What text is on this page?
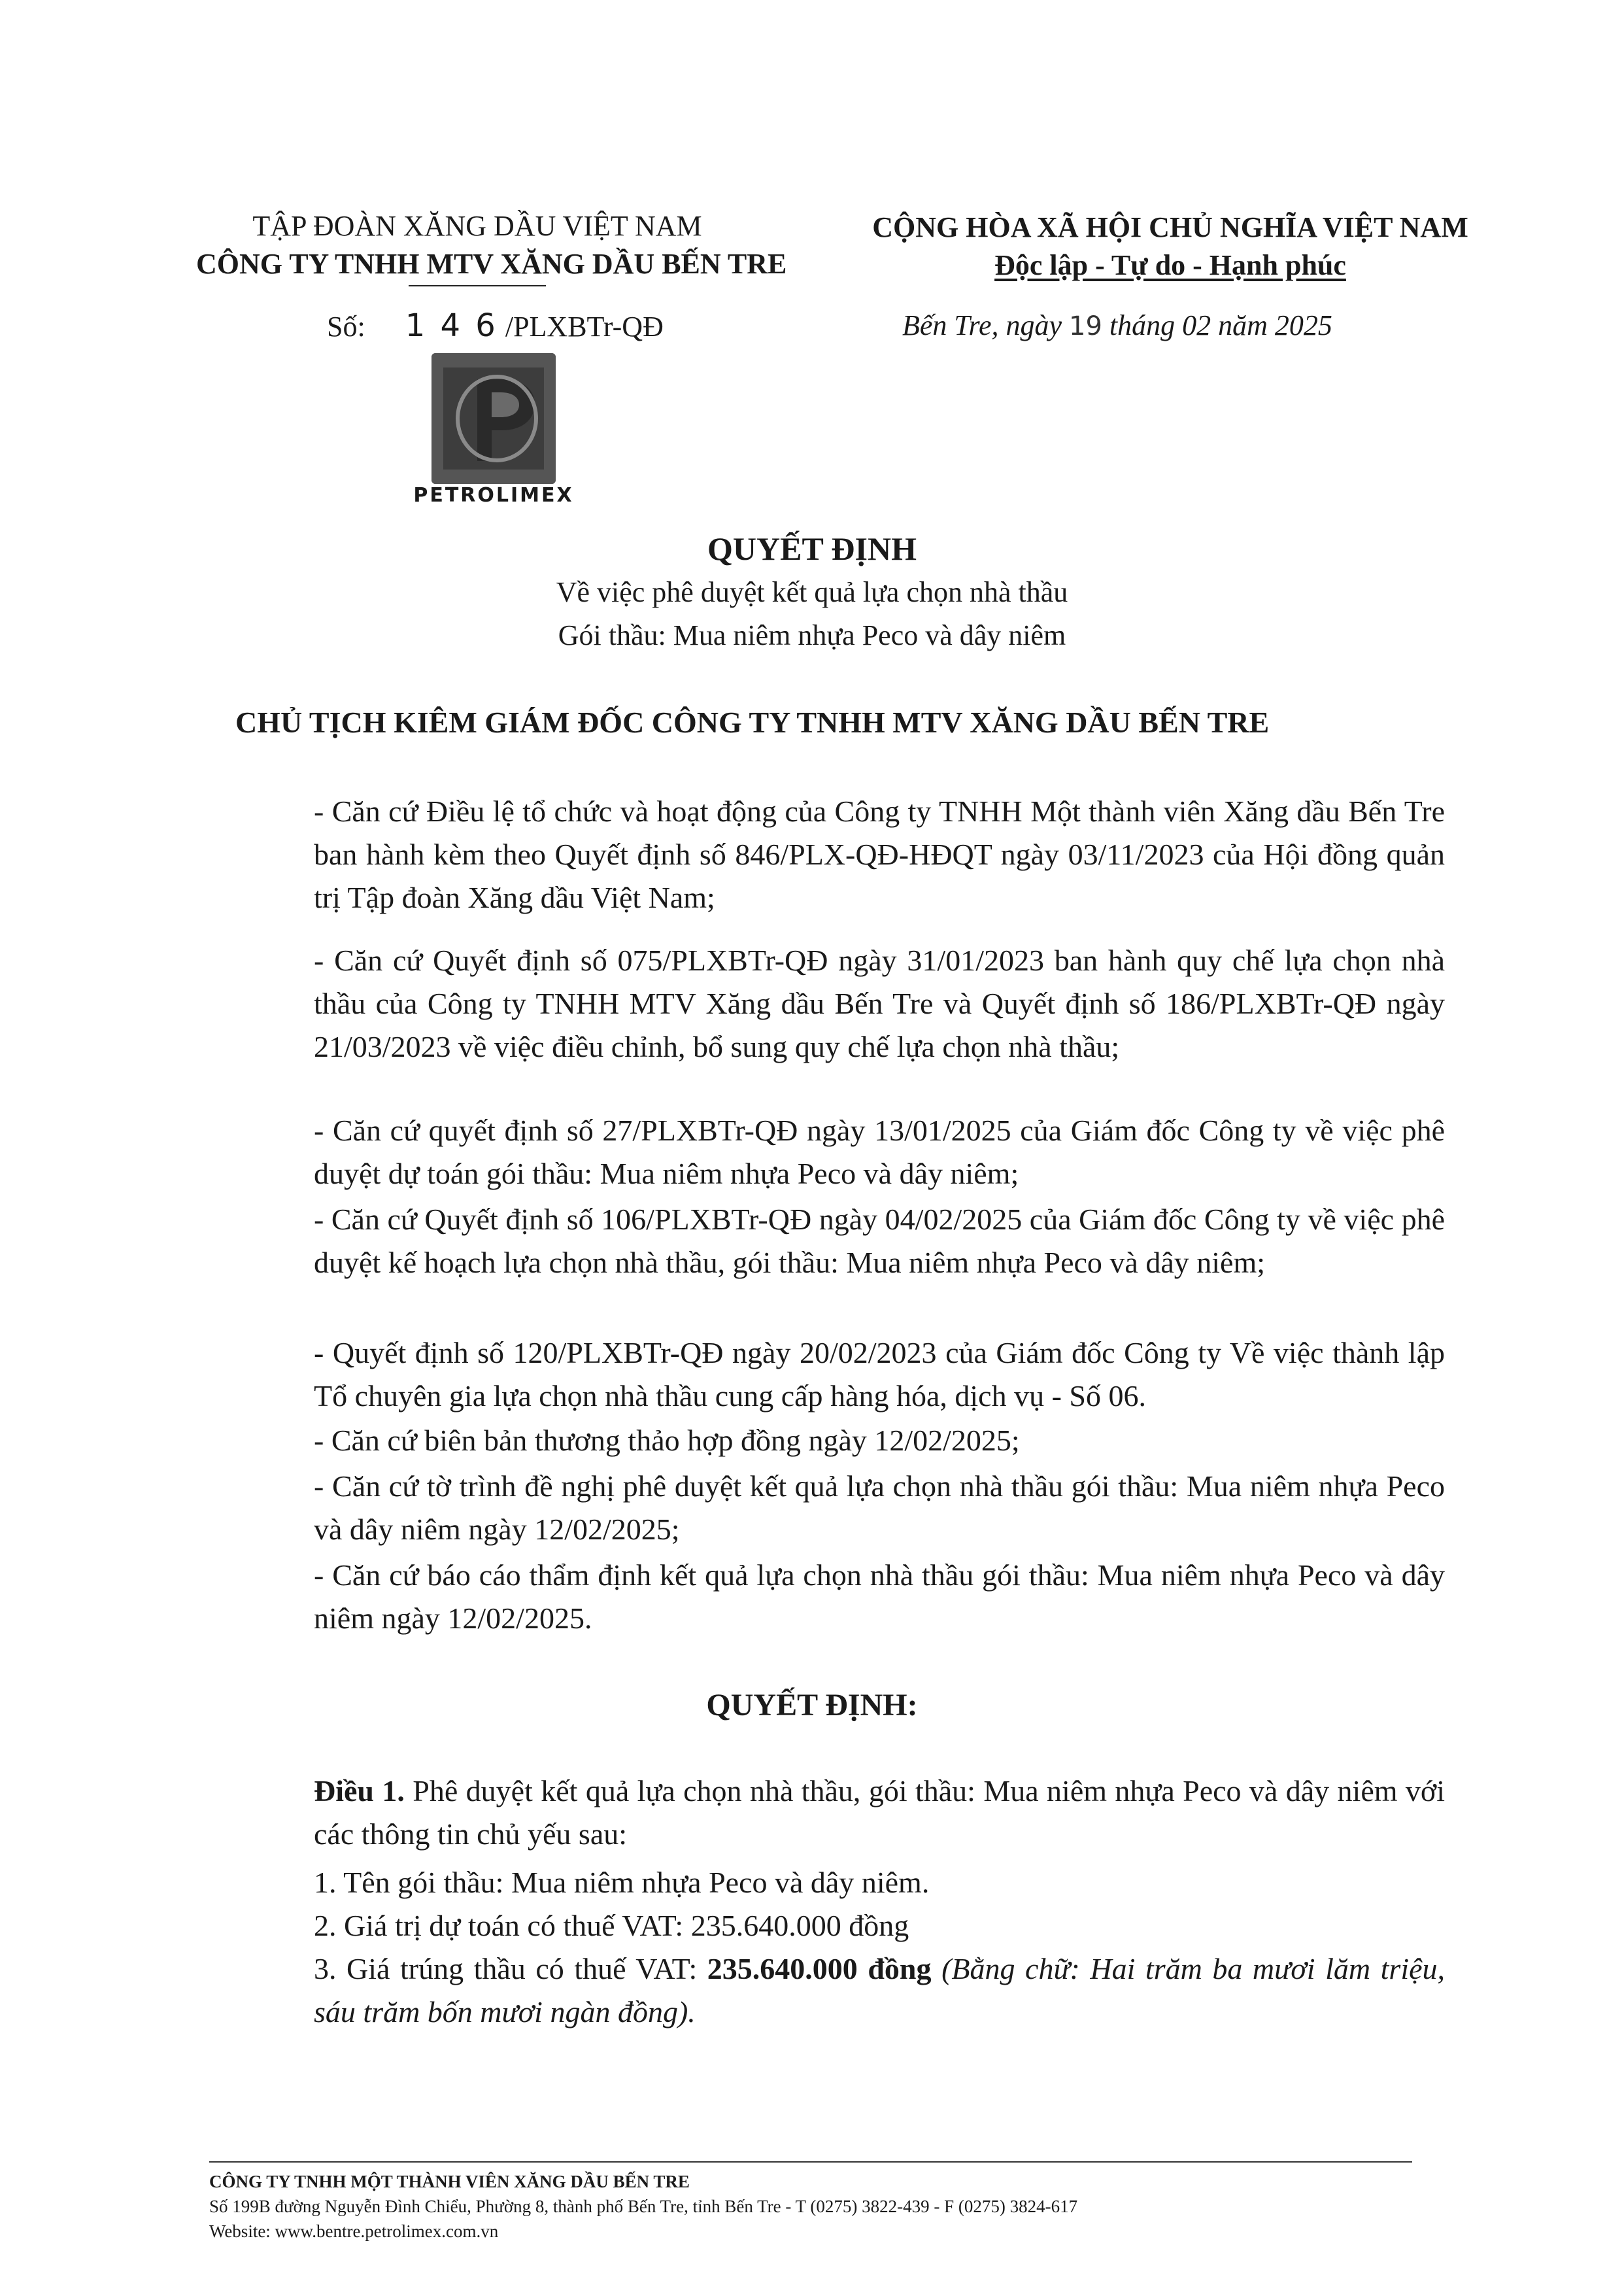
TẬP ĐOÀN XĂNG DẦU VIỆT NAM
CÔNG TY TNHH MTV XĂNG DẦU BẾN TRE
Số: 1 4 6 /PLXBTr-QĐ
PETROLIMEX
CỘNG HÒA XÃ HỘI CHỦ NGHĨA VIỆT NAM
Độc lập - Tự do - Hạnh phúc
Bến Tre, ngày 19 tháng 02 năm 2025
QUYẾT ĐỊNH
Về việc phê duyệt kết quả lựa chọn nhà thầu
Gói thầu: Mua niêm nhựa Peco và dây niêm
CHỦ TỊCH KIÊM GIÁM ĐỐC CÔNG TY TNHH MTV XĂNG DẦU BẾN TRE
- Căn cứ Điều lệ tổ chức và hoạt động của Công ty TNHH Một thành viên Xăng dầu Bến Tre ban hành kèm theo Quyết định số 846/PLX-QĐ-HĐQT ngày 03/11/2023 của Hội đồng quản trị Tập đoàn Xăng dầu Việt Nam;
- Căn cứ Quyết định số 075/PLXBTr-QĐ ngày 31/01/2023 ban hành quy chế lựa chọn nhà thầu của Công ty TNHH MTV Xăng dầu Bến Tre và Quyết định số 186/PLXBTr-QĐ ngày 21/03/2023 về việc điều chỉnh, bổ sung quy chế lựa chọn nhà thầu;
- Căn cứ quyết định số 27/PLXBTr-QĐ ngày 13/01/2025 của Giám đốc Công ty về việc phê duyệt dự toán gói thầu: Mua niêm nhựa Peco và dây niêm;
- Căn cứ Quyết định số 106/PLXBTr-QĐ ngày 04/02/2025 của Giám đốc Công ty về việc phê duyệt kế hoạch lựa chọn nhà thầu, gói thầu: Mua niêm nhựa Peco và dây niêm;
- Quyết định số 120/PLXBTr-QĐ ngày 20/02/2023 của Giám đốc Công ty Về việc thành lập Tổ chuyên gia lựa chọn nhà thầu cung cấp hàng hóa, dịch vụ - Số 06.
- Căn cứ biên bản thương thảo hợp đồng ngày 12/02/2025;
- Căn cứ tờ trình đề nghị phê duyệt kết quả lựa chọn nhà thầu gói thầu: Mua niêm nhựa Peco và dây niêm ngày 12/02/2025;
- Căn cứ báo cáo thẩm định kết quả lựa chọn nhà thầu gói thầu: Mua niêm nhựa Peco và dây niêm ngày 12/02/2025.
QUYẾT ĐỊNH:
Điều 1. Phê duyệt kết quả lựa chọn nhà thầu, gói thầu: Mua niêm nhựa Peco và dây niêm với các thông tin chủ yếu sau:
1. Tên gói thầu: Mua niêm nhựa Peco và dây niêm.
2. Giá trị dự toán có thuế VAT: 235.640.000 đồng
3. Giá trúng thầu có thuế VAT: 235.640.000 đồng (Bằng chữ: Hai trăm ba mươi lăm triệu, sáu trăm bốn mươi ngàn đồng).
CÔNG TY TNHH MỘT THÀNH VIÊN XĂNG DẦU BẾN TRE
Số 199B đường Nguyễn Đình Chiểu, Phường 8, thành phố Bến Tre, tỉnh Bến Tre - T (0275) 3822-439 - F (0275) 3824-617
Website: www.bentre.petrolimex.com.vn
